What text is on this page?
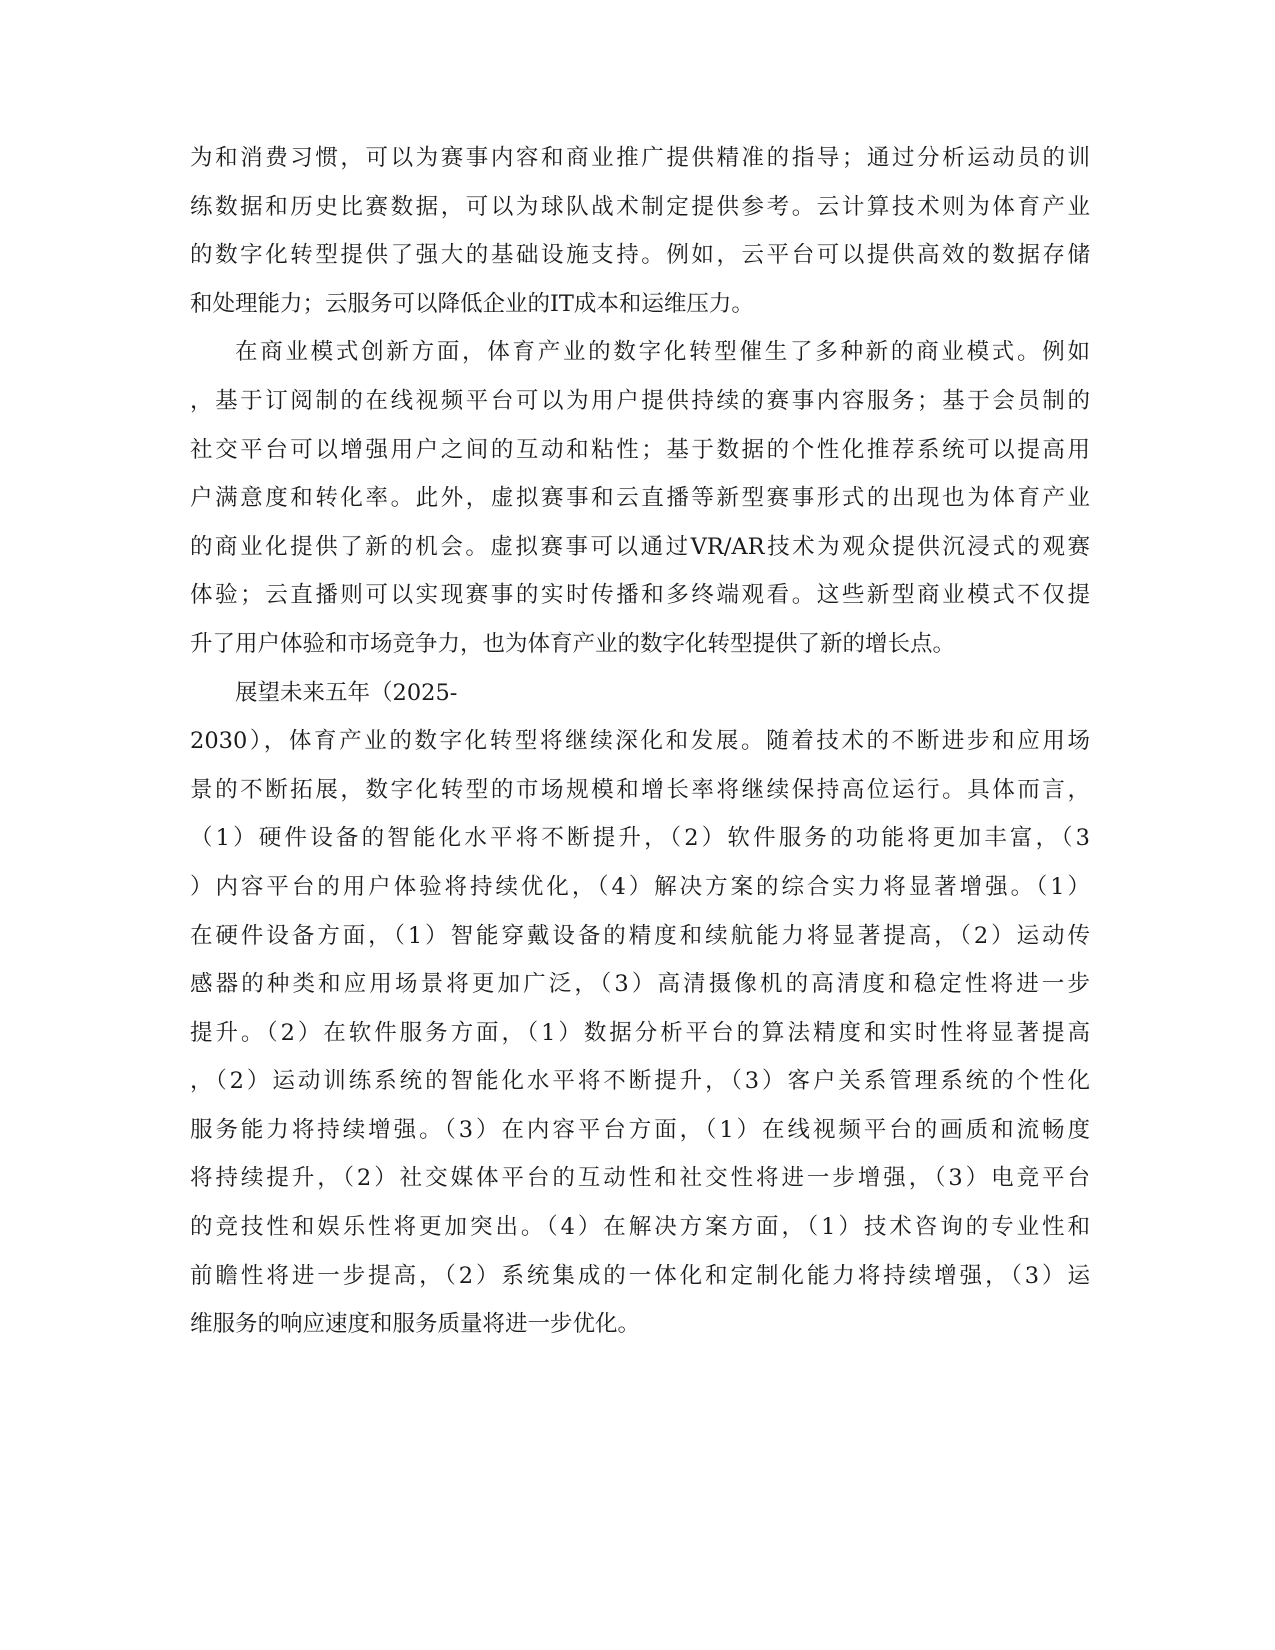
为和消费习惯，可以为赛事内容和商业推广提供精准的指导；通过分析运动员的训
练数据和历史比赛数据，可以为球队战术制定提供参考。云计算技术则为体育产业
的数字化转型提供了强大的基础设施支持。例如，云平台可以提供高效的数据存储
和处理能力；云服务可以降低企业的IT成本和运维压力。
在商业模式创新方面，体育产业的数字化转型催生了多种新的商业模式。例如
，基于订阅制的在线视频平台可以为用户提供持续的赛事内容服务；基于会员制的
社交平台可以增强用户之间的互动和粘性；基于数据的个性化推荐系统可以提高用
户满意度和转化率。此外，虚拟赛事和云直播等新型赛事形式的出现也为体育产业
的商业化提供了新的机会。虚拟赛事可以通过VR/AR技术为观众提供沉浸式的观赛
体验；云直播则可以实现赛事的实时传播和多终端观看。这些新型商业模式不仅提
升了用户体验和市场竞争力，也为体育产业的数字化转型提供了新的增长点。
展望未来五年（2025-
2030），体育产业的数字化转型将继续深化和发展。随着技术的不断进步和应用场
景的不断拓展，数字化转型的市场规模和增长率将继续保持高位运行。具体而言，
（1）硬件设备的智能化水平将不断提升，（2）软件服务的功能将更加丰富，（3
）内容平台的用户体验将持续优化，（4）解决方案的综合实力将显著增强。（1）
在硬件设备方面，（1）智能穿戴设备的精度和续航能力将显著提高，（2）运动传
感器的种类和应用场景将更加广泛，（3）高清摄像机的高清度和稳定性将进一步
提升。（2）在软件服务方面，（1）数据分析平台的算法精度和实时性将显著提高
，（2）运动训练系统的智能化水平将不断提升，（3）客户关系管理系统的个性化
服务能力将持续增强。（3）在内容平台方面，（1）在线视频平台的画质和流畅度
将持续提升，（2）社交媒体平台的互动性和社交性将进一步增强，（3）电竞平台
的竞技性和娱乐性将更加突出。（4）在解决方案方面，（1）技术咨询的专业性和
前瞻性将进一步提高，（2）系统集成的一体化和定制化能力将持续增强，（3）运
维服务的响应速度和服务质量将进一步优化。
